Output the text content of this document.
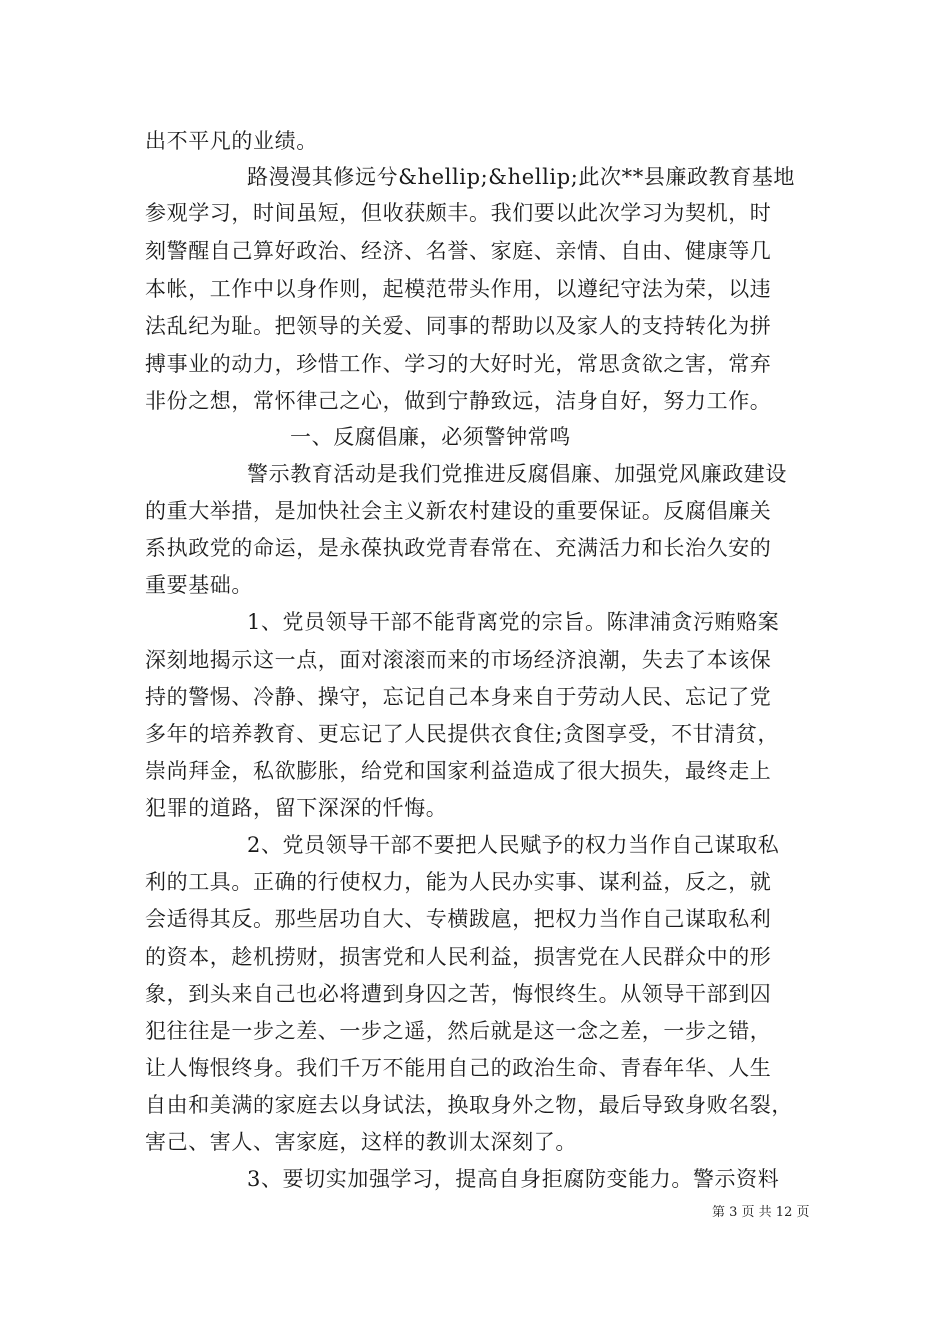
出不平凡的业绩。
路漫漫其修远兮&hellip;&hellip;此次**县廉政教育基地
参观学习，时间虽短，但收获颇丰。我们要以此次学习为契机，时
刻警醒自己算好政治、经济、名誉、家庭、亲情、自由、健康等几
本帐，工作中以身作则，起模范带头作用，以遵纪守法为荣，以违
法乱纪为耻。把领导的关爱、同事的帮助以及家人的支持转化为拼
搏事业的动力，珍惜工作、学习的大好时光，常思贪欲之害，常弃
非份之想，常怀律己之心，做到宁静致远，洁身自好，努力工作。
一、反腐倡廉，必须警钟常鸣
警示教育活动是我们党推进反腐倡廉、加强党风廉政建设
的重大举措，是加快社会主义新农村建设的重要保证。反腐倡廉关
系执政党的命运，是永葆执政党青春常在、充满活力和长治久安的
重要基础。
1、党员领导干部不能背离党的宗旨。陈津浦贪污贿赂案
深刻地揭示这一点，面对滚滚而来的市场经济浪潮，失去了本该保
持的警惕、冷静、操守，忘记自己本身来自于劳动人民、忘记了党
多年的培养教育、更忘记了人民提供衣食住;贪图享受，不甘清贫，
崇尚拜金，私欲膨胀，给党和国家利益造成了很大损失，最终走上
犯罪的道路，留下深深的忏悔。
2、党员领导干部不要把人民赋予的权力当作自己谋取私
利的工具。正确的行使权力，能为人民办实事、谋利益，反之，就
会适得其反。那些居功自大、专横跋扈，把权力当作自己谋取私利
的资本，趁机捞财，损害党和人民利益，损害党在人民群众中的形
象，到头来自己也必将遭到身囚之苦，悔恨终生。从领导干部到囚
犯往往是一步之差、一步之遥，然后就是这一念之差，一步之错，
让人悔恨终身。我们千万不能用自己的政治生命、青春年华、人生
自由和美满的家庭去以身试法，换取身外之物，最后导致身败名裂，
害己、害人、害家庭，这样的教训太深刻了。
3、要切实加强学习，提高自身拒腐防变能力。警示资料
第 3 页 共 12 页
